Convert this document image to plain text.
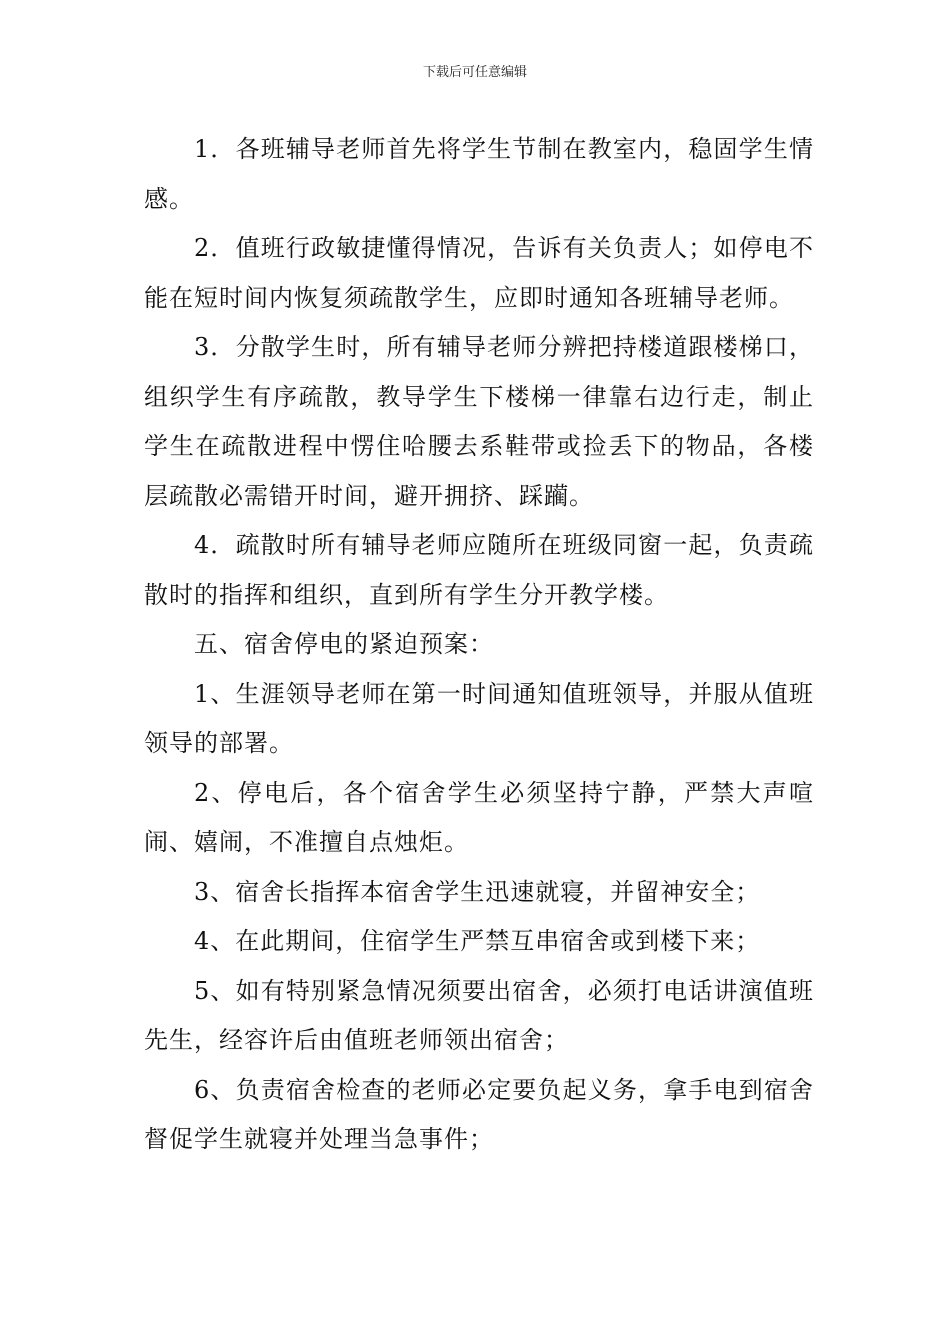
下载后可任意编辑

1．各班辅导老师首先将学生节制在教室内，稳固学生情感。

2．值班行政敏捷懂得情况，告诉有关负责人；如停电不能在短时间内恢复须疏散学生，应即时通知各班辅导老师。

3．分散学生时，所有辅导老师分辨把持楼道跟楼梯口，组织学生有序疏散，教导学生下楼梯一律靠右边行走，制止学生在疏散进程中愣住哈腰去系鞋带或捡丢下的物品，各楼层疏散必需错开时间，避开拥挤、踩躏。

4．疏散时所有辅导老师应随所在班级同窗一起，负责疏散时的指挥和组织，直到所有学生分开教学楼。

五、宿舍停电的紧迫预案：

1、生涯领导老师在第一时间通知值班领导，并服从值班领导的部署。

2、停电后，各个宿舍学生必须坚持宁静，严禁大声喧闹、嬉闹，不准擅自点烛炬。

3、宿舍长指挥本宿舍学生迅速就寝，并留神安全；

4、在此期间，住宿学生严禁互串宿舍或到楼下来；

5、如有特别紧急情况须要出宿舍，必须打电话讲演值班先生，经容许后由值班老师领出宿舍；

6、负责宿舍检查的老师必定要负起义务，拿手电到宿舍督促学生就寝并处理当急事件；
